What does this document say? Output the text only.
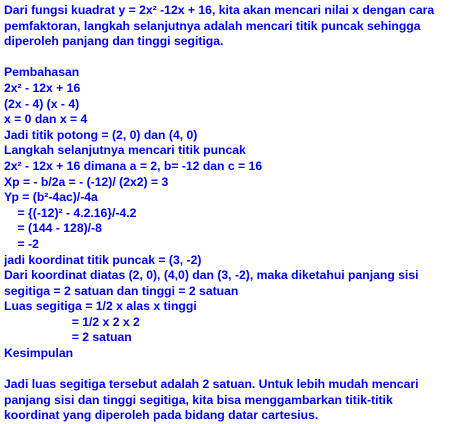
Dari fungsi kuadrat y = 2x² -12x + 16, kita akan mencari nilai x dengan cara
pemfaktoran, langkah selanjutnya adalah mencari titik puncak sehingga
diperoleh panjang dan tinggi segitiga.
Pembahasan
2x² - 12x + 16
(2x - 4) (x - 4)
x = 0 dan x = 4
Jadi titik potong = (2, 0) dan (4, 0)
Langkah selanjutnya mencari titik puncak
2x² - 12x + 16 dimana a = 2, b= -12 dan c = 16
Xp = - b/2a = - (-12)/ (2x2) = 3
Yp = (b²-4ac)/-4a
= {(-12)² - 4.2.16}/-4.2
= (144 - 128)/-8
= -2
jadi koordinat titik puncak = (3, -2)
Dari koordinat diatas (2, 0), (4,0) dan (3, -2), maka diketahui panjang sisi
segitiga = 2 satuan dan tinggi = 2 satuan
Luas segitiga = 1/2 x alas x tinggi
= 1/2 x 2 x 2
= 2 satuan
Kesimpulan
Jadi luas segitiga tersebut adalah 2 satuan. Untuk lebih mudah mencari
panjang sisi dan tinggi segitiga, kita bisa menggambarkan titik-titik
koordinat yang diperoleh pada bidang datar cartesius.
